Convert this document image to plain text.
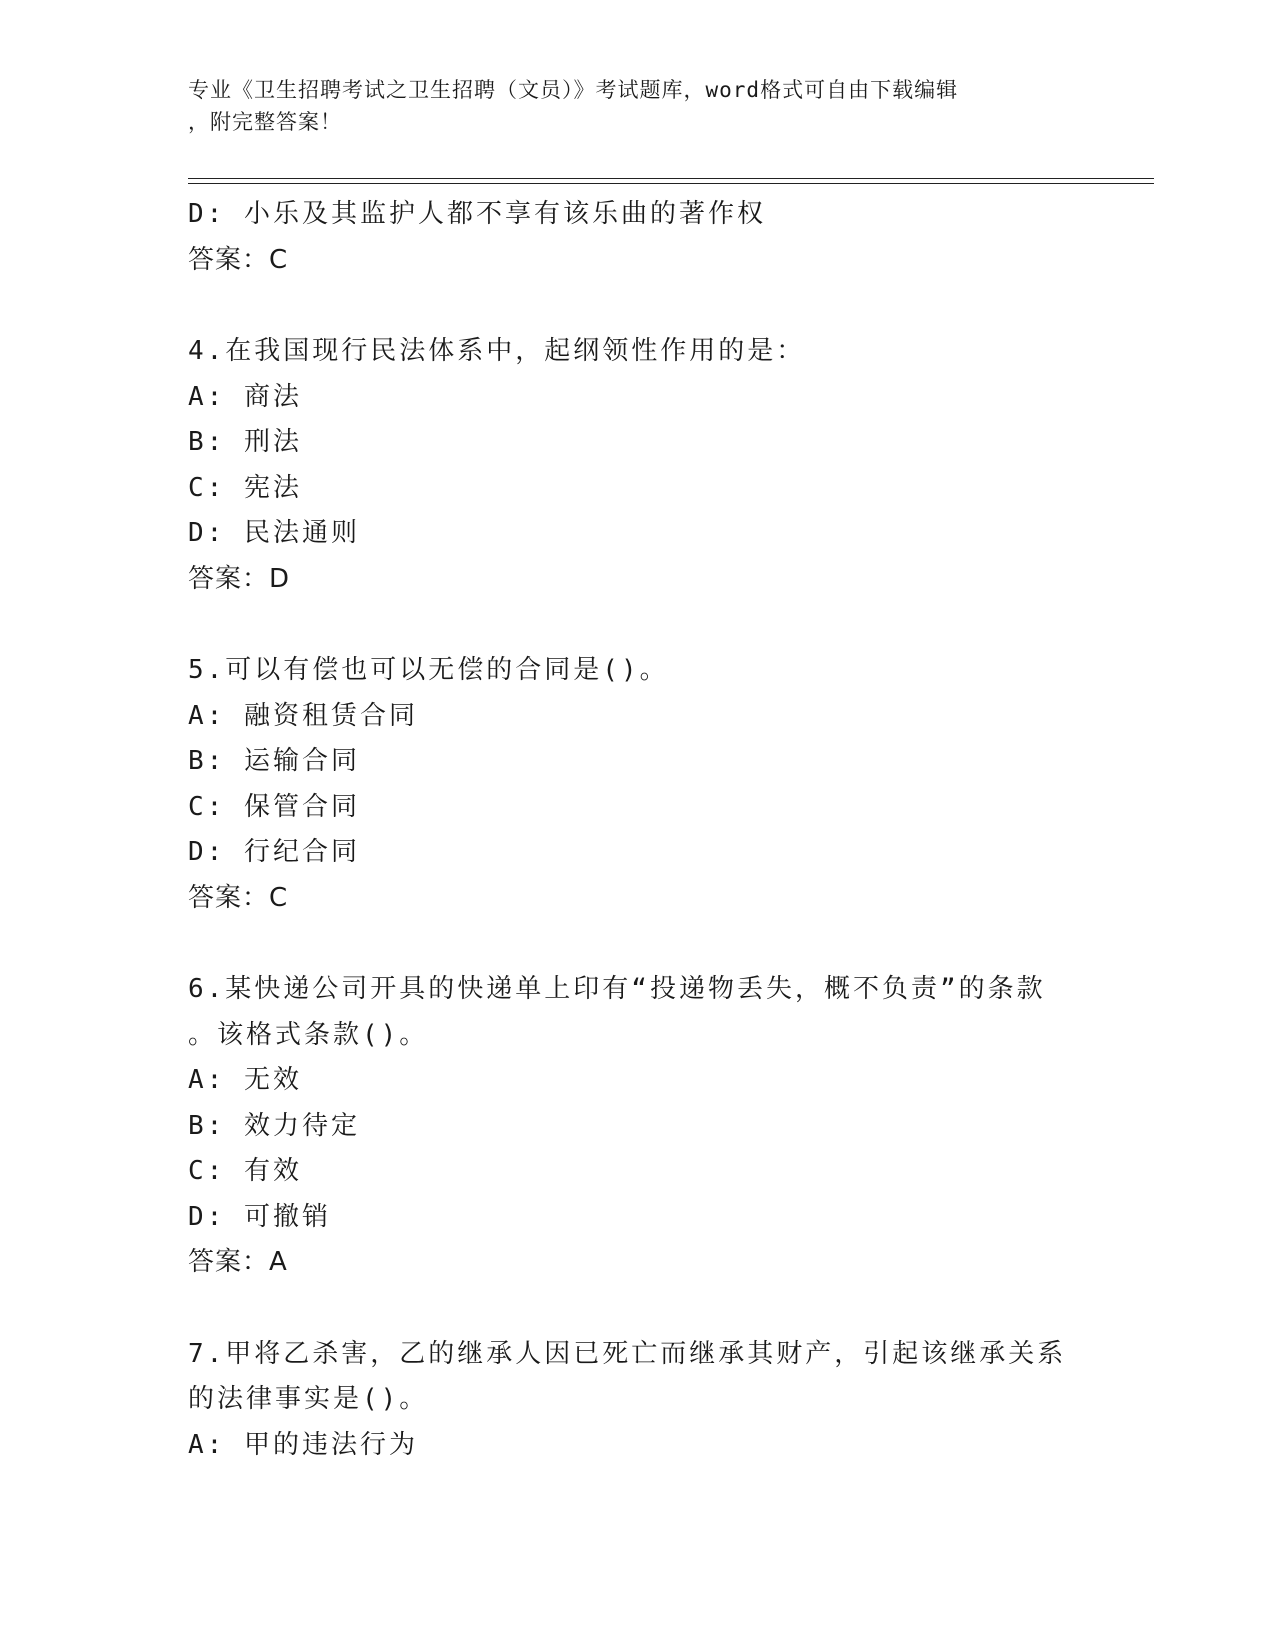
专业《卫生招聘考试之卫生招聘（文员）》考试题库，word格式可自由下载编辑
，附完整答案！
D: 小乐及其监护人都不享有该乐曲的著作权
答案：C
4.在我国现行民法体系中，起纲领性作用的是：
A: 商法
B: 刑法
C: 宪法
D: 民法通则
答案：D
5.可以有偿也可以无偿的合同是()。
A: 融资租赁合同
B: 运输合同
C: 保管合同
D: 行纪合同
答案：C
6.某快递公司开具的快递单上印有“投递物丢失，概不负责”的条款
。该格式条款()。
A: 无效
B: 效力待定
C: 有效
D: 可撤销
答案：A
7.甲将乙杀害，乙的继承人因已死亡而继承其财产，引起该继承关系
的法律事实是()。
A: 甲的违法行为
